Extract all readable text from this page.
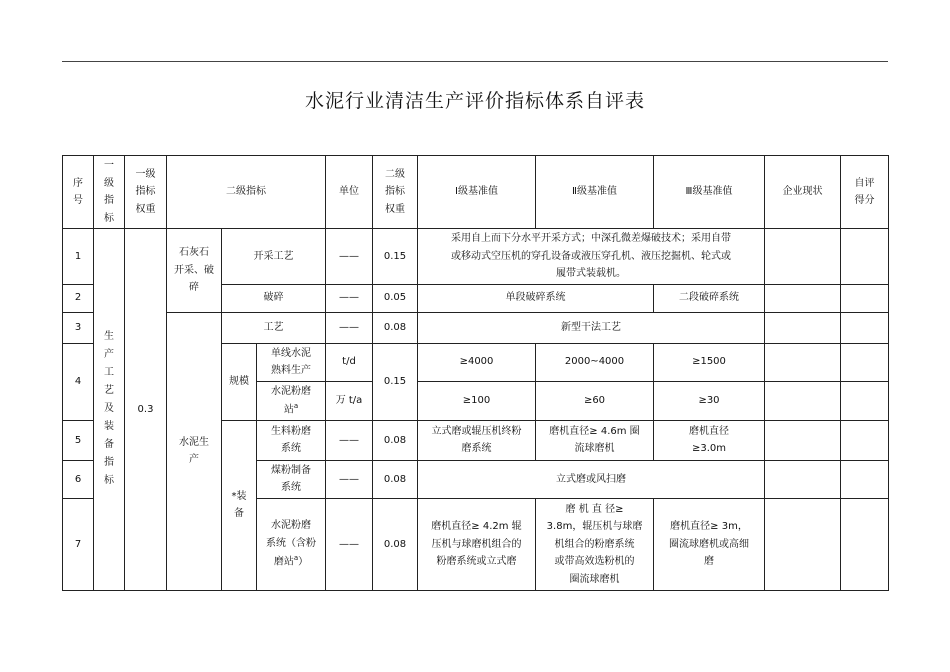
水泥行业清洁生产评价指标体系自评表
序
号	一
级
指
标	一级
指标
权重	二级指标			单位	二级
指标
权重	Ⅰ级基准值	Ⅱ级基准值	Ⅲ级基准值	企业现状	自评
得分
1	生产工艺及装备指标	0.3	石灰石
开采、破
碎	开采工艺		——	0.15	采用自上而下分水平开采方式；中深孔微差爆破技术；采用自带
或移动式空压机的穿孔设备或液压穿孔机、液压挖掘机、轮式或
履带式装载机。				
2				破碎		——	0.05	单段破碎系统		二段破碎系统		
3			水泥生
产	工艺		——	0.08	新型干法工艺				
4				规模	单线水泥
熟料生产	t/d	0.15	≥4000	2000~4000	≥1500		
					水泥粉磨
站$^a$	万 t/a		≥100	≥60	≥30		
5				*装
备	生料粉磨
系统	——	0.08	立式磨或辊压机终粉
磨系统	磨机直径≥ 4.6m 圈
流球磨机	磨机直径
≥3.0m		
6					煤粉制备
系统	——	0.08	立式磨或风扫磨				
7					水泥粉磨
系统（含粉
磨站$^a$）	——	0.08	磨机直径≥ 4.2m 辊
压机与球磨机组合的
粉磨系统或立式磨	磨 机 直 径≥
3.8m，辊压机与球磨
机组合的粉磨系统
或带高效选粉机的
圈流球磨机	磨机直径≥ 3m，
圈流球磨机或高细
磨		
